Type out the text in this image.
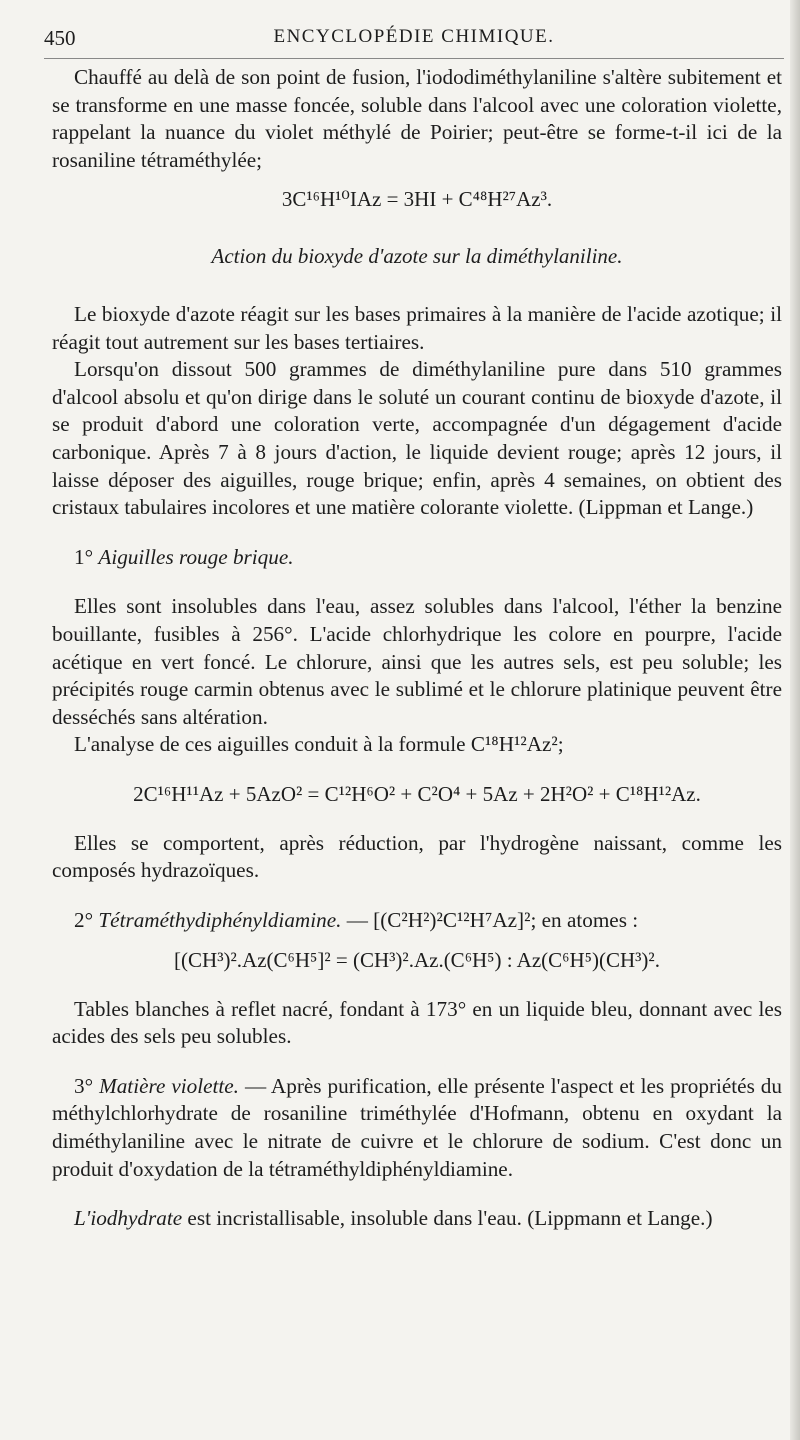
450	ENCYCLOPÉDIE CHIMIQUE.

Chauffé au delà de son point de fusion, l'iododiméthylaniline s'altère subitement et se transforme en une masse foncée, soluble dans l'alcool avec une coloration violette, rappelant la nuance du violet méthylé de Poirier; peut-être se forme-t-il ici de la rosaniline tétraméthylée;

3C¹⁶H¹⁰IAz = 3HI + C⁴⁸H²⁷Az³.

Action du bioxyde d'azote sur la diméthylaniline.

Le bioxyde d'azote réagit sur les bases primaires à la manière de l'acide azotique; il réagit tout autrement sur les bases tertiaires.

Lorsqu'on dissout 500 grammes de diméthylaniline pure dans 510 grammes d'alcool absolu et qu'on dirige dans le soluté un courant continu de bioxyde d'azote, il se produit d'abord une coloration verte, accompagnée d'un dégagement d'acide carbonique. Après 7 à 8 jours d'action, le liquide devient rouge; après 12 jours, il laisse déposer des aiguilles, rouge brique; enfin, après 4 semaines, on obtient des cristaux tabulaires incolores et une matière colorante violette. (Lippman et Lange.)

1° Aiguilles rouge brique.

Elles sont insolubles dans l'eau, assez solubles dans l'alcool, l'éther la benzine bouillante, fusibles à 256°. L'acide chlorhydrique les colore en pourpre, l'acide acétique en vert foncé. Le chlorure, ainsi que les autres sels, est peu soluble; les précipités rouge carmin obtenus avec le sublimé et le chlorure platinique peuvent être desséchés sans altération.

L'analyse de ces aiguilles conduit à la formule C¹⁸H¹²Az²;

2C¹⁶H¹¹Az + 5AzO² = C¹²H⁶O² + C²O⁴ + 5Az + 2H²O² + C¹⁸H¹²Az.

Elles se comportent, après réduction, par l'hydrogène naissant, comme les composés hydrazoïques.

2° Tétraméthydiphényldiamine. — [(C²H²)²C¹²H⁷Az]²; en atomes :

[(CH³)².Az(C⁶H⁵]² = (CH³)².Az.(C⁶H⁵) : Az(C⁶H⁵)(CH³)².

Tables blanches à reflet nacré, fondant à 173° en un liquide bleu, donnant avec les acides des sels peu solubles.

3° Matière violette. — Après purification, elle présente l'aspect et les propriétés du méthylchlorhydrate de rosaniline triméthylée d'Hofmann, obtenu en oxydant la diméthylaniline avec le nitrate de cuivre et le chlorure de sodium. C'est donc un produit d'oxydation de la tétraméthyldiphényldiamine.

L'iodhydrate est incristallisable, insoluble dans l'eau. (Lippmann et Lange.)
